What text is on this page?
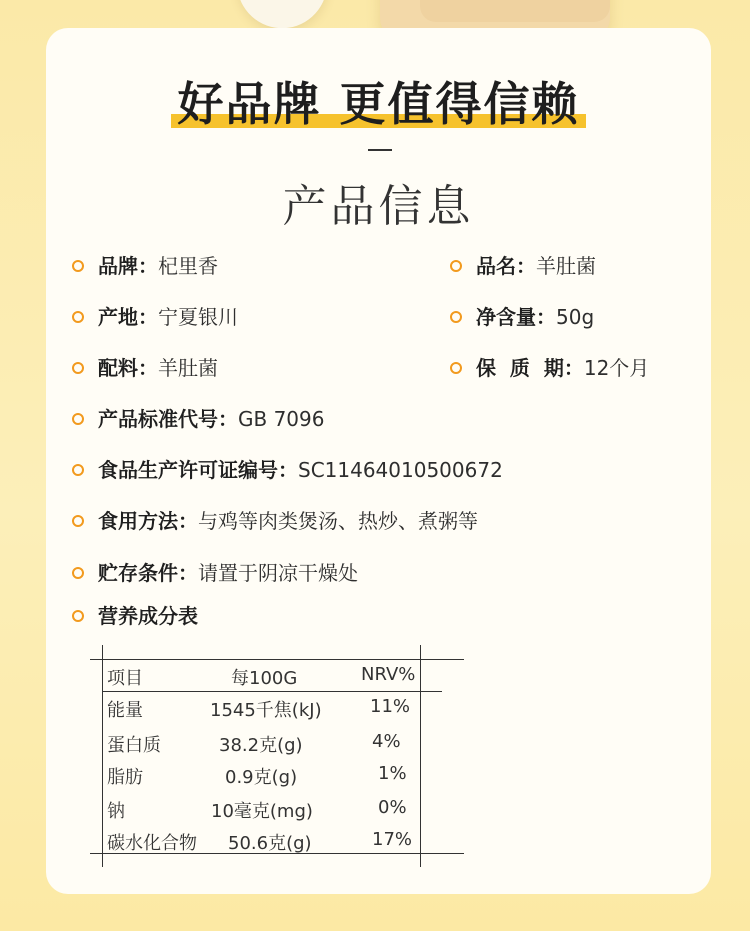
好品牌 更值得信赖
产品信息
品牌：杞里香	品名：羊肚菌
产地：宁夏银川	净含量：50g
配料：羊肚菌	保  质  期：12个月
产品标准代号：GB 7096
食品生产许可证编号：SC11464010500672
食用方法：与鸡等肉类煲汤、热炒、煮粥等
贮存条件：请置于阴凉干燥处
营养成分表
项目	每100G	NRV%
能量	1545千焦(kJ)	11%
蛋白质	38.2克(g)	4%
脂肪	0.9克(g)	1%
钠	10毫克(mg)	0%
碳水化合物 50.6克(g)	17%
